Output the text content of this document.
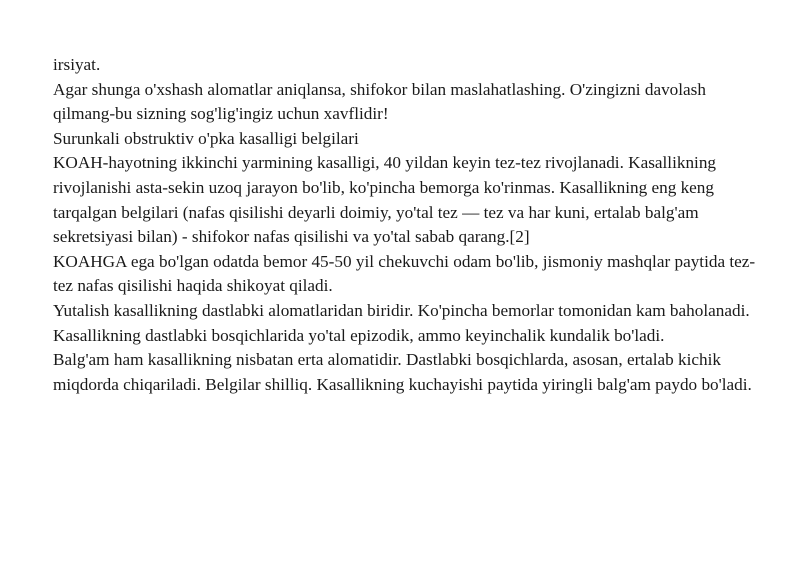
irsiyat.

Agar shunga o'xshash alomatlar aniqlansa, shifokor bilan maslahatlashing. O'zingizni davolash qilmang-bu sizning sog'lig'ingiz uchun xavflidir!

Surunkali obstruktiv o'pka kasalligi belgilari

KOAH-hayotning ikkinchi yarmining kasalligi, 40 yildan keyin tez-tez rivojlanadi. Kasallikning rivojlanishi asta-sekin uzoq jarayon bo'lib, ko'pincha bemorga ko'rinmas. Kasallikning eng keng tarqalgan belgilari (nafas qisilishi deyarli doimiy, yo'tal tez — tez va har kuni, ertalab balg'am sekretsiyasi bilan) - shifokor nafas qisilishi va yo'tal sabab qarang.[2]

KOAHGA ega bo'lgan odatda bemor 45-50 yil chekuvchi odam bo'lib, jismoniy mashqlar paytida tez-tez nafas qisilishi haqida shikoyat qiladi.

Yutalish kasallikning dastlabki alomatlaridan biridir. Ko'pincha bemorlar tomonidan kam baholanadi. Kasallikning dastlabki bosqichlarida yo'tal epizodik, ammo keyinchalik kundalik bo'ladi.

Balg'am ham kasallikning nisbatan erta alomatidir. Dastlabki bosqichlarda, asosan, ertalab kichik miqdorda chiqariladi. Belgilar shilliq. Kasallikning kuchayishi paytida yiringli balg'am paydo bo'ladi.
